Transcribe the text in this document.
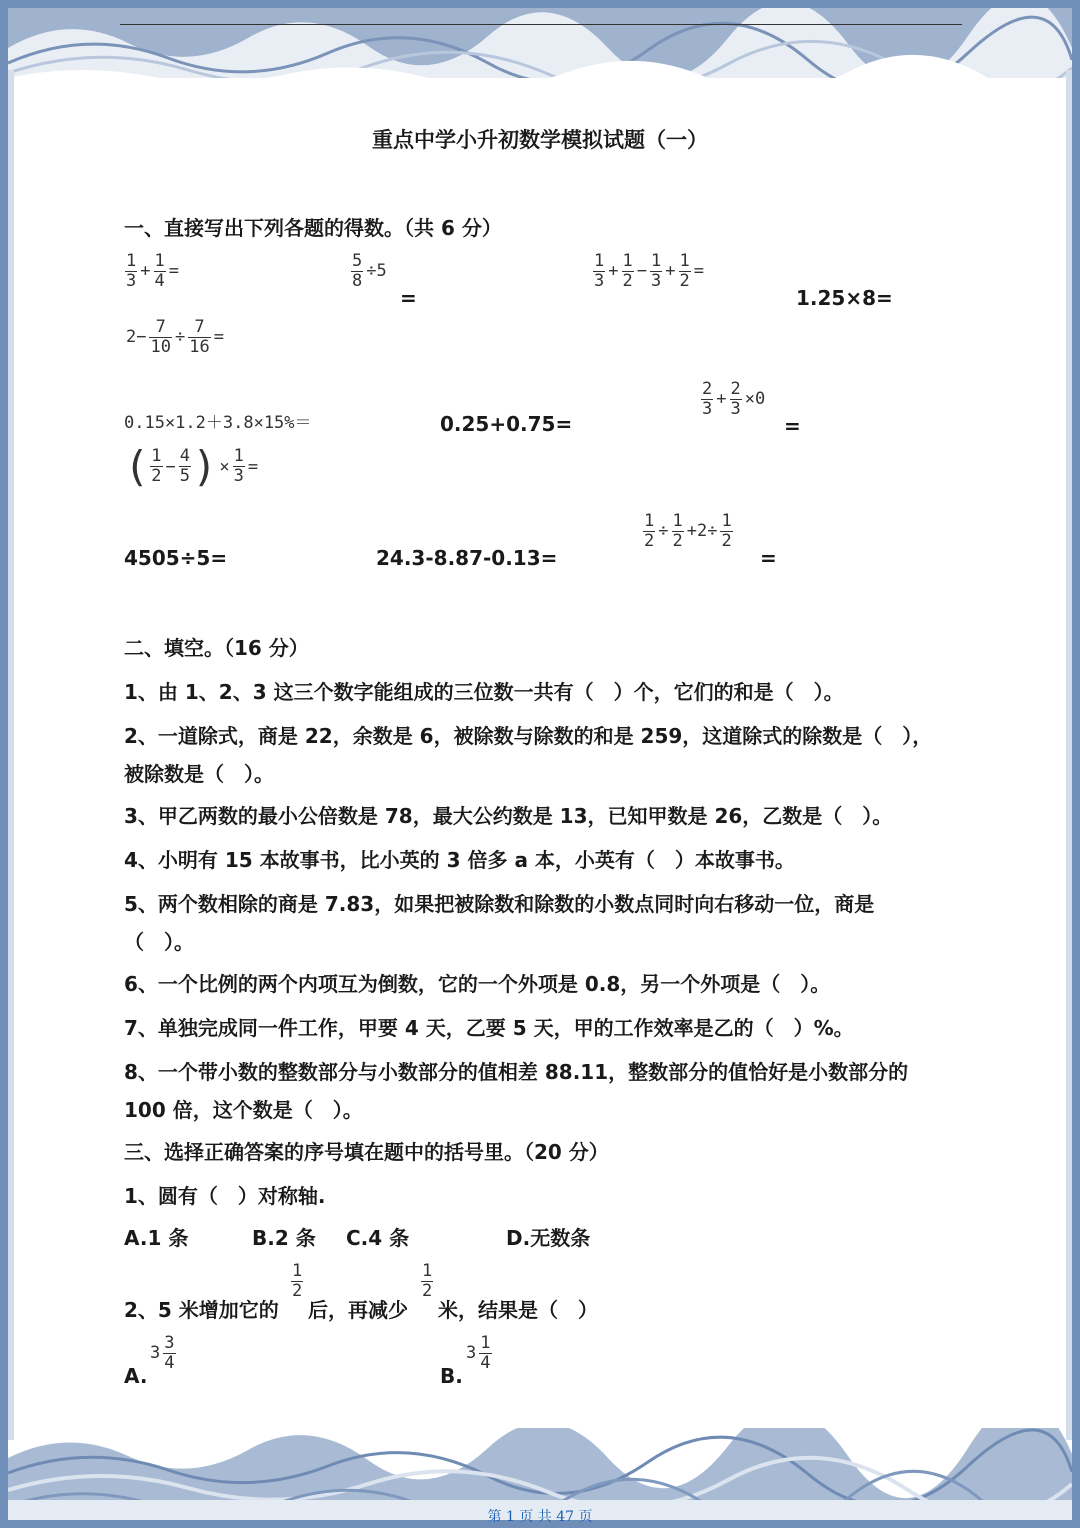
重点中学小升初数学模拟试题（一）
一、直接写出下列各题的得数。（共 6 分）
$\frac{1}{3} + \frac{1}{4}$ =	$\frac{5}{8} \div 5$
=
$\frac{1}{3} + \frac{1}{2} - \frac{1}{3} + \frac{1}{2}$ =
1.25×8=
$2- \frac{7}{10} \div \frac{7}{16}$ =
0.15×1.2＋3.8×15%＝	0.25+0.75=
$\frac{2}{3} + \frac{2}{3} \times 0$
=
( $\frac{1}{2} - \frac{4}{5}$ ) × $\frac{1}{3}$ =
4505÷5=	24.3-8.87-0.13=
$\frac{1}{2} \div \frac{1}{2} +2\div \frac{1}{2}$
=
二、填空。（16 分）
1、由 1、2、3 这三个数字能组成的三位数一共有（　）个，它们的和是（　）。
2、一道除式，商是 22，余数是 6，被除数与除数的和是 259，这道除式的除数是（　），
被除数是（　）。
3、甲乙两数的最小公倍数是 78，最大公约数是 13，已知甲数是 26，乙数是（　）。
4、小明有 15 本故事书，比小英的 3 倍多 a 本，小英有（　）本故事书。
5、两个数相除的商是 7.83，如果把被除数和除数的小数点同时向右移动一位，商是
（　）。
6、一个比例的两个内项互为倒数，它的一个外项是 0.8，另一个外项是（　）。
7、单独完成同一件工作，甲要 4 天，乙要 5 天，甲的工作效率是乙的（　）%。
8、一个带小数的整数部分与小数部分的值相差 88.11，整数部分的值恰好是小数部分的
100 倍，这个数是（　）。
三、选择正确答案的序号填在题中的括号里。（20 分）
1、圆有（　）对称轴.
A.1 条	B.2 条 C.4 条	D.无数条
2、5 米增加它的
$\frac{1}{2}$
后，再减少
$\frac{1}{2}$
米，结果是（　）
A.
$3 \frac{3}{4}$
B.
$3 \frac{1}{4}$
第 1 页 共 47 页
